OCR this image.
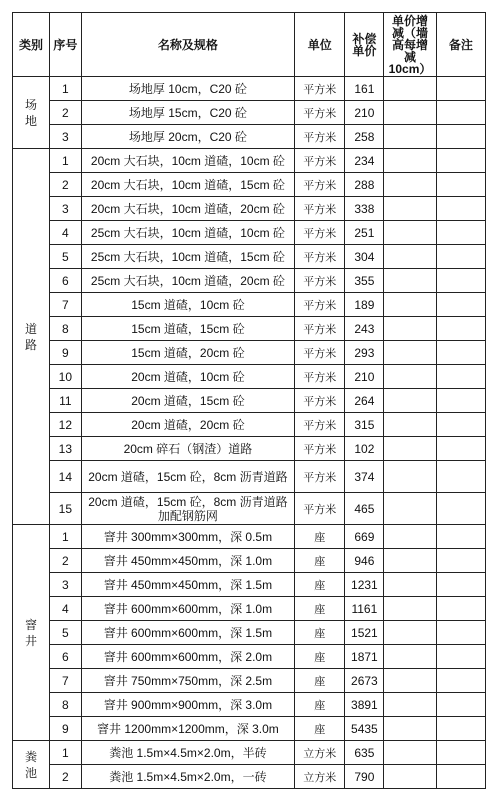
类别	序号	名称及规格	单位	补偿单价	单价增减（墙高每增减10cm）	备注
场地	1	场地厚 10cm，C20 砼	平方米	161		
	2	场地厚 15cm，C20 砼	平方米	210		
	3	场地厚 20cm，C20 砼	平方米	258		
道路	1	20cm 大石块，10cm 道碴，10cm 砼	平方米	234		
	2	20cm 大石块，10cm 道碴，15cm 砼	平方米	288		
	3	20cm 大石块，10cm 道碴，20cm 砼	平方米	338		
	4	25cm 大石块，10cm 道碴，10cm 砼	平方米	251		
	5	25cm 大石块，10cm 道碴，15cm 砼	平方米	304		
	6	25cm 大石块，10cm 道碴，20cm 砼	平方米	355		
	7	15cm 道碴，10cm 砼	平方米	189		
	8	15cm 道碴，15cm 砼	平方米	243		
	9	15cm 道碴，20cm 砼	平方米	293		
	10	20cm 道碴，10cm 砼	平方米	210		
	11	20cm 道碴，15cm 砼	平方米	264		
	12	20cm 道碴，20cm 砼	平方米	315		
	13	20cm 碎石（钢渣）道路	平方米	102		
	14	20cm 道碴，15cm 砼，8cm 沥青道路	平方米	374		
	15	20cm 道碴，15cm 砼，8cm 沥青道路加配钢筋网	平方米	465		
窨井	1	窨井 300mm×300mm，深 0.5m	座	669		
	2	窨井 450mm×450mm，深 1.0m	座	946		
	3	窨井 450mm×450mm，深 1.5m	座	1231		
	4	窨井 600mm×600mm，深 1.0m	座	1161		
	5	窨井 600mm×600mm，深 1.5m	座	1521		
	6	窨井 600mm×600mm，深 2.0m	座	1871		
	7	窨井 750mm×750mm，深 2.5m	座	2673		
	8	窨井 900mm×900mm，深 3.0m	座	3891		
	9	窨井 1200mm×1200mm，深 3.0m	座	5435		
粪池	1	粪池 1.5m×4.5m×2.0m，半砖	立方米	635		
	2	粪池 1.5m×4.5m×2.0m，一砖	立方米	790		
